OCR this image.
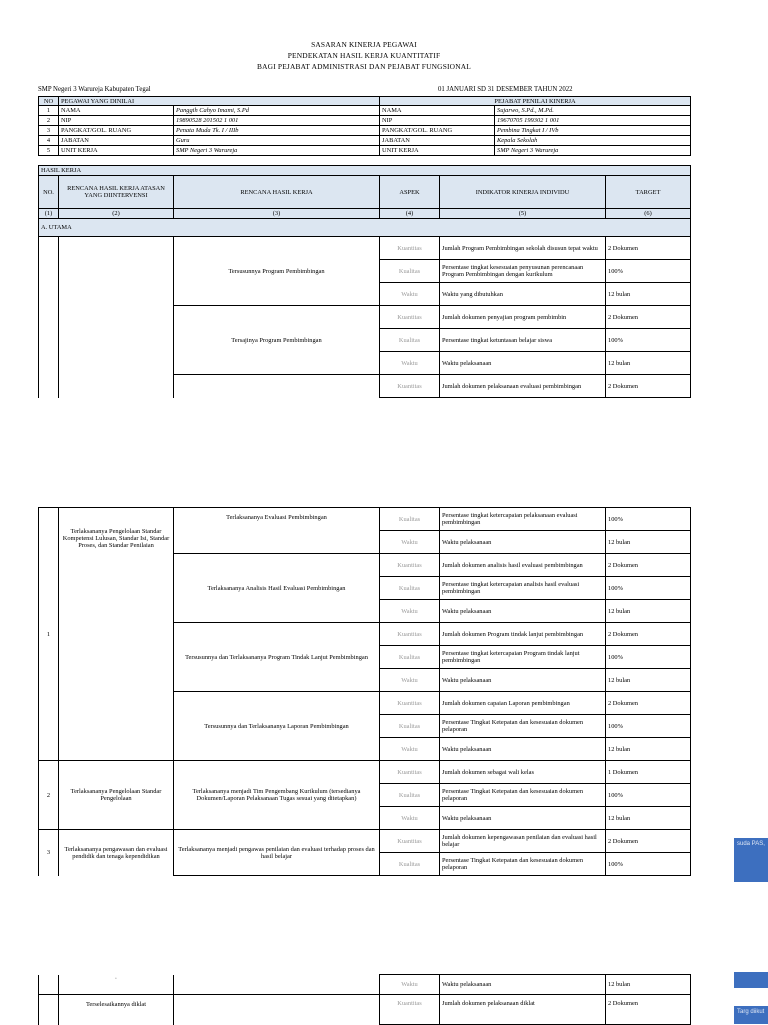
SASARAN KINERJA PEGAWAI
PENDEKATAN HASIL KERJA KUANTITATIF
BAGI PEJABAT ADMINISTRASI DAN PEJABAT FUNGSIONAL
SMP Negeri 3 Warureja Kabupaten Tegal	01 JANUARI SD 31 DESEMBER TAHUN 2022
NO	PEGAWAI YANG DINILAI		PEJABAT PENILAI KINERJA	
1	NAMA	Panggih Cahyo Imami, S.Pd	NAMA	Sujarwo, S.Pd., M.Pd.
2	NIP	19890528 201502 1 001	NIP	19670705 199302 1 001
3	PANGKAT/GOL. RUANG	Penata Muda Tk. I / IIIb	PANGKAT/GOL. RUANG	Pembina Tingkat I / IVb
4	JABATAN	Guru	JABATAN	Kepala Sekolah
5	UNIT KERJA	SMP Negeri 3 Warureja	UNIT KERJA	SMP Negeri 3 Warureja
HASIL KERJA					
NO.	RENCANA HASIL KERJA ATASAN YANG DIINTERVENSI	RENCANA HASIL KERJA	ASPEK	INDIKATOR KINERJA INDIVIDU	TARGET
(1)	(2)	(3)	(4)	(5)	(6)
A. UTAMA					
		Tersusunnya Program Pembimbingan	Kuantitas	Jumlah Program Pembimbingan sekolah disusun tepat waktu	2 Dokumen
			Kualitas	Persentase tingkat kesesuaian penyusunan perencanaan Program Pembimbingan dengan kurikulum	100%
			Waktu	Waktu yang dibutuhkan	12 bulan
		Tersajinya Program Pembimbingan	Kuantitas	Jumlah dokumen penyajian program pembimbin	2 Dokumen
			Kualitas	Persentase tingkat ketuntasan belajar siswa	100%
			Waktu	Waktu pelaksanaan	12 bulan
			Kuantitas	Jumlah dokumen pelaksanaan evaluasi pembimbingan	2 Dokumen
1	Terlaksananya Pengelolaan Standar Kompetensi Lulusan, Standar Isi, Standar Proses, dan Standar Penilaian	Terlaksananya Evaluasi Pembimbingan	Kualitas	Persentase tingkat ketercapaian pelaksanaan evaluasi pembimbingan	100%
			Waktu	Waktu pelaksanaan	12 bulan
		Terlaksananya Analisis Hasil Evaluasi Pembimbingan	Kuantitas	Jumlah dokumen analisis hasil evaluasi pembimbingan	2 Dokumen
			Kualitas	Persentase tingkat ketercapaian analisis hasil evaluasi pembimbingan	100%
			Waktu	Waktu pelaksanaan	12 bulan
		Tersusunnya dan Terlaksananya Program Tindak Lanjut Pembimbingan	Kuantitas	Jumlah dokumen Program tindak lanjut pembimbingan	2 Dokumen
			Kualitas	Persentase tingkat ketercapaian Program tindak lanjut pembimbingan	100%
			Waktu	Waktu pelaksanaan	12 bulan
		Tersusunnya dan Terlaksananya Laporan Pembimbingan	Kuantitas	Jumlah dokumen capaian Laporan pembimbingan	2 Dokumen
			Kualitas	Persentase Tingkat Ketepatan dan kesesuaian dokumen pelaporan	100%
			Waktu	Waktu pelaksanaan	12 bulan
2	Terlaksananya Pengelolaan Standar Pengelolaan	Terlaksananya menjadi Tim Pengembang Kurikulum (tersedianya Dokumen/Laporan Pelaksanaan Tugas sesuai yang ditetapkan)	Kuantitas	Jumlah dokumen sebagai wali kelas	1 Dokumen
			Kualitas	Persentase Tingkat Ketepatan dan kesesuaian dokumen pelaporan	100%
			Waktu	Waktu pelaksanaan	12 bulan
3	Terlaksananya pengawasan dan evaluasi pendidik dan tenaga kependidikan	Terlaksananya menjadi pengawas penilaian dan evaluasi terhadap proses dan hasil belajar	Kuantitas	Jumlah dokumen kepengawasan penilaian dan evaluasi hasil belajar	2 Dokumen
			Kualitas	Persentase Tingkat Ketepatan dan kesesuaian dokumen pelaporan	100%
	·		Waktu	Waktu pelaksanaan	12 bulan
	Terselesaikannya diklat		Kuantitas	Jumlah dokumen pelaksanaan diklat	2 Dokumen
suda PAS,
Targ diikut
